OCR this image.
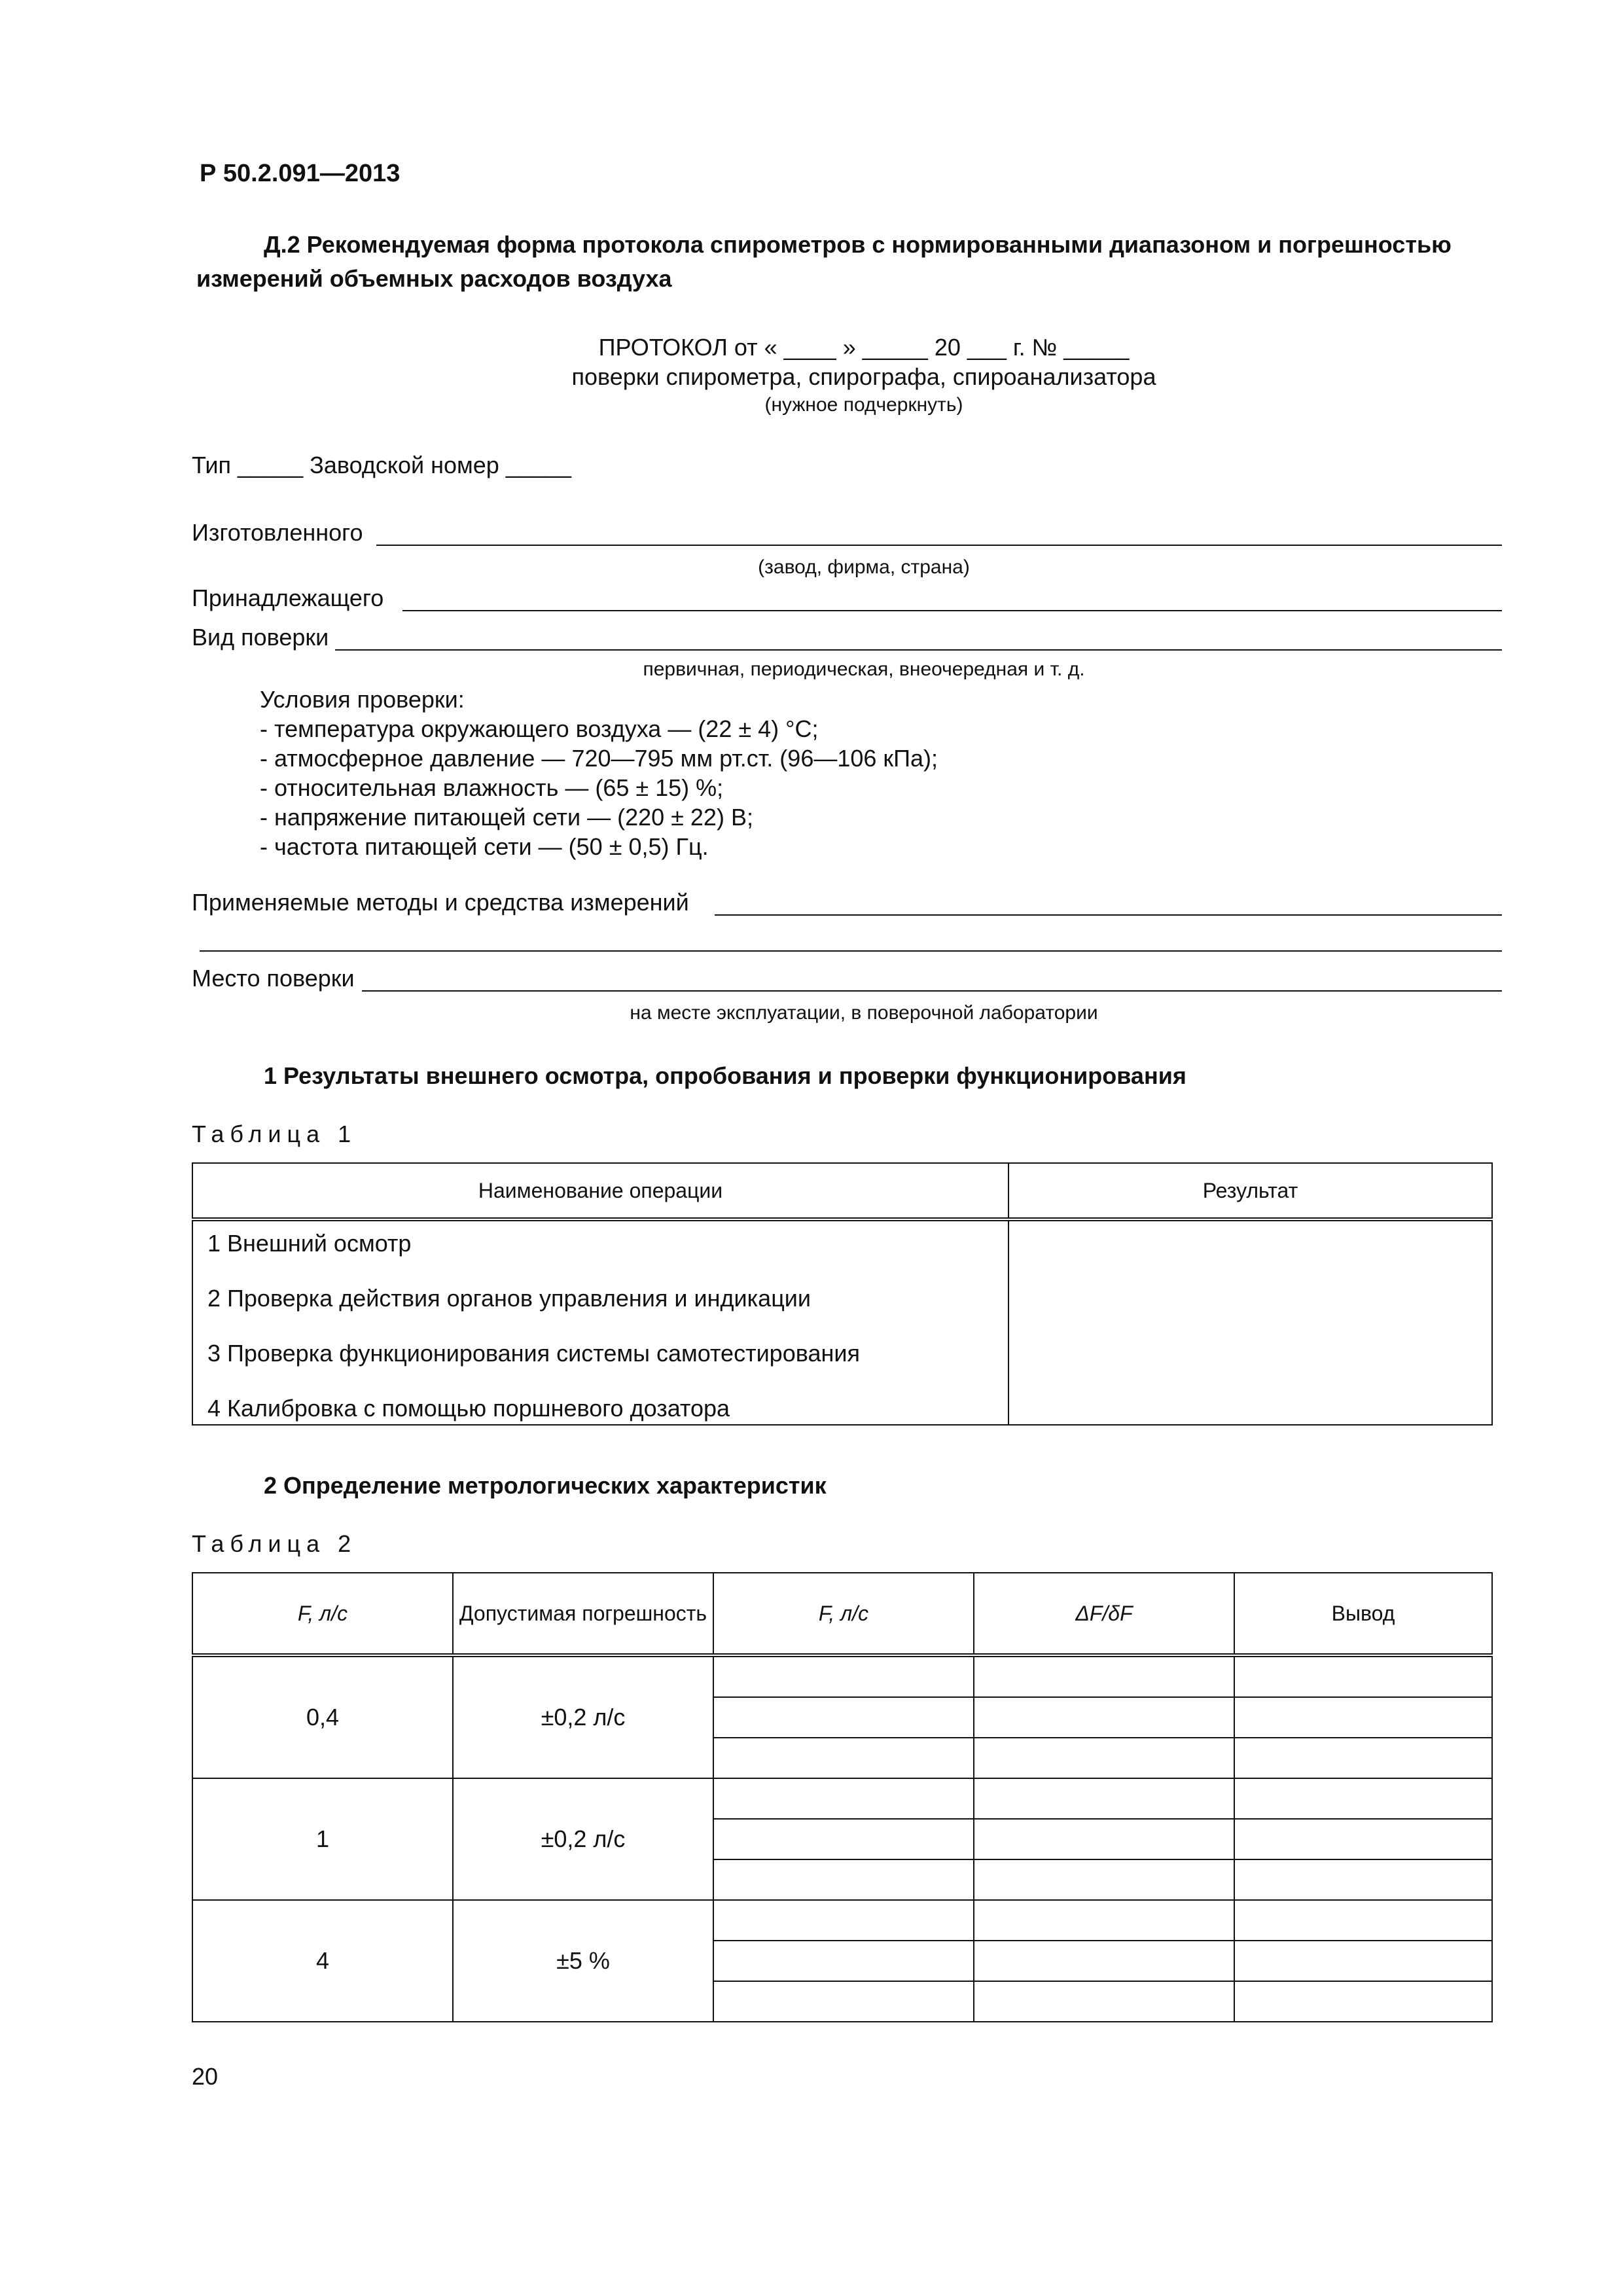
Р 50.2.091—2013
Д.2 Рекомендуемая форма протокола спирометров с нормированными диапазоном и погрешностью измерений объемных расходов воздуха
ПРОТОКОЛ от « ____ » _____ 20 ___ г. № _____
поверки спирометра, спирографа, спироанализатора
(нужное подчеркнуть)
Тип _____ Заводской номер _____
Изготовленного
(завод, фирма, страна)
Принадлежащего
Вид поверки
первичная, периодическая, внеочередная и т. д.
Условия проверки:
- температура окружающего воздуха — (22 ± 4) °С;
- атмосферное давление — 720—795 мм рт.ст. (96—106 кПа);
- относительная влажность — (65 ± 15) %;
- напряжение питающей сети — (220 ± 22) В;
- частота питающей сети — (50 ± 0,5) Гц.
Применяемые методы и средства измерений
Место поверки
на месте эксплуатации, в поверочной лаборатории
1 Результаты внешнего осмотра, опробования и проверки функционирования
Таблица 1
Наименование операции	Результат

1 Внешний осмотр
2 Проверка действия органов управления и индикации
3 Проверка функционирования системы самотестирования
4 Калибровка с помощью поршневого дозатора	

2 Определение метрологических характеристик
Таблица 2
F, л/с	Допустимая погрешность	F, л/с	ΔF/δF	Вывод
0,4	±0,2 л/с			

1	±0,2 л/с			

4	±5 %			

20
